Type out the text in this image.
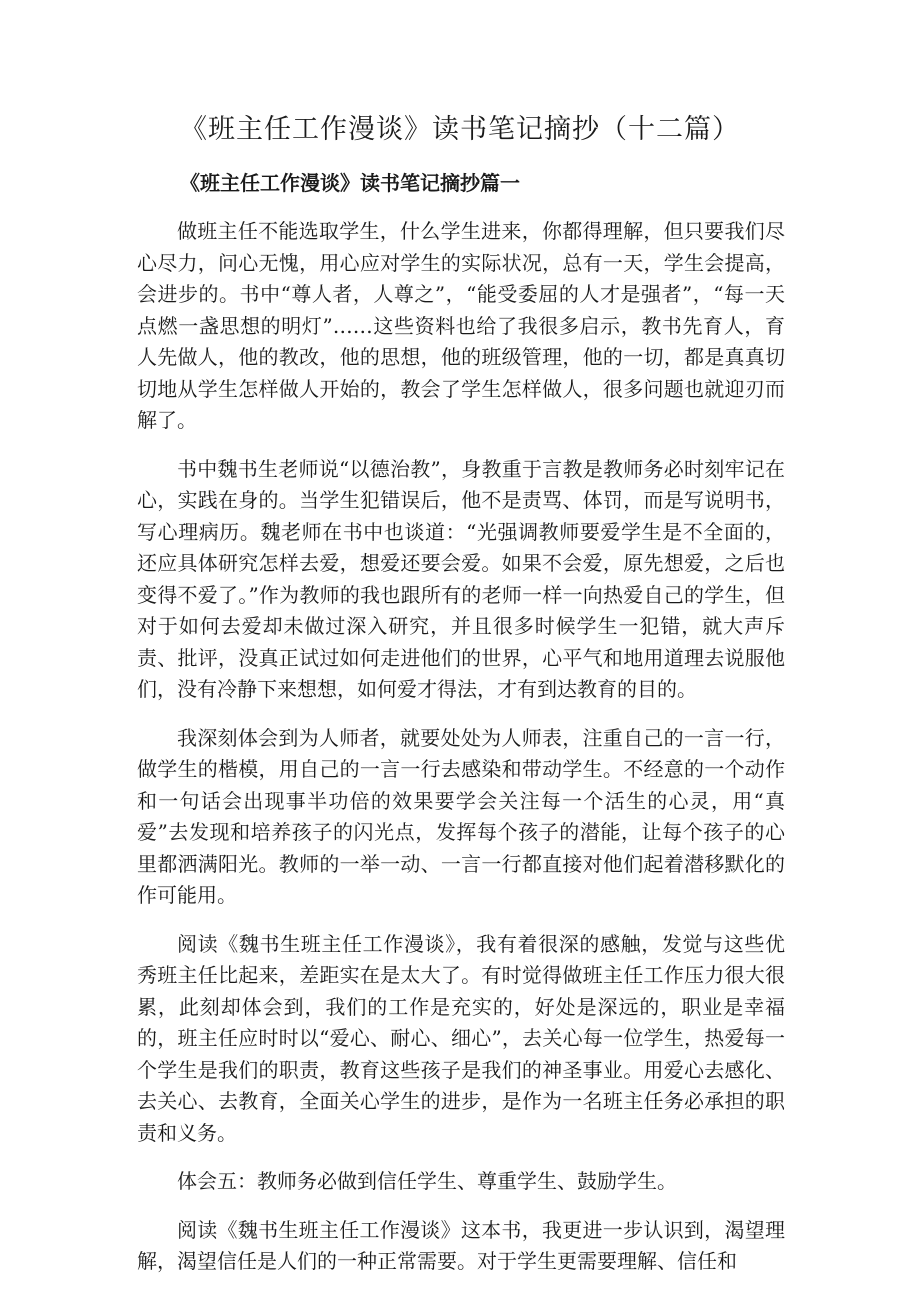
《班主任工作漫谈》读书笔记摘抄（十二篇）
《班主任工作漫谈》读书笔记摘抄篇一

做班主任不能选取学生，什么学生进来，你都得理解，但只要我们尽心尽力，问心无愧，用心应对学生的实际状况，总有一天，学生会提高，会进步的。书中“尊人者，人尊之”，“能受委屈的人才是强者”，“每一天点燃一盏思想的明灯”……这些资料也给了我很多启示，教书先育人，育人先做人，他的教改，他的思想，他的班级管理，他的一切，都是真真切切地从学生怎样做人开始的，教会了学生怎样做人，很多问题也就迎刃而解了。

书中魏书生老师说“以德治教”，身教重于言教是教师务必时刻牢记在心，实践在身的。当学生犯错误后，他不是责骂、体罚，而是写说明书，写心理病历。魏老师在书中也谈道：“光强调教师要爱学生是不全面的，还应具体研究怎样去爱，想爱还要会爱。如果不会爱，原先想爱，之后也变得不爱了。”作为教师的我也跟所有的老师一样一向热爱自己的学生，但对于如何去爱却未做过深入研究，并且很多时候学生一犯错，就大声斥责、批评，没真正试过如何走进他们的世界，心平气和地用道理去说服他们，没有冷静下来想想，如何爱才得法，才有到达教育的目的。

我深刻体会到为人师者，就要处处为人师表，注重自己的一言一行，做学生的楷模，用自己的一言一行去感染和带动学生。不经意的一个动作和一句话会出现事半功倍的效果要学会关注每一个活生的心灵，用“真爱”去发现和培养孩子的闪光点，发挥每个孩子的潜能，让每个孩子的心里都洒满阳光。教师的一举一动、一言一行都直接对他们起着潜移默化的作可能用。

阅读《魏书生班主任工作漫谈》，我有着很深的感触，发觉与这些优秀班主任比起来，差距实在是太大了。有时觉得做班主任工作压力很大很累，此刻却体会到，我们的工作是充实的，好处是深远的，职业是幸福的，班主任应时时以“爱心、耐心、细心”，去关心每一位学生，热爱每一个学生是我们的职责，教育这些孩子是我们的神圣事业。用爱心去感化、去关心、去教育，全面关心学生的进步，是作为一名班主任务必承担的职责和义务。

体会五：教师务必做到信任学生、尊重学生、鼓励学生。

阅读《魏书生班主任工作漫谈》这本书，我更进一步认识到，渴望理解，渴望信任是人们的一种正常需要。对于学生更需要理解、信任和
